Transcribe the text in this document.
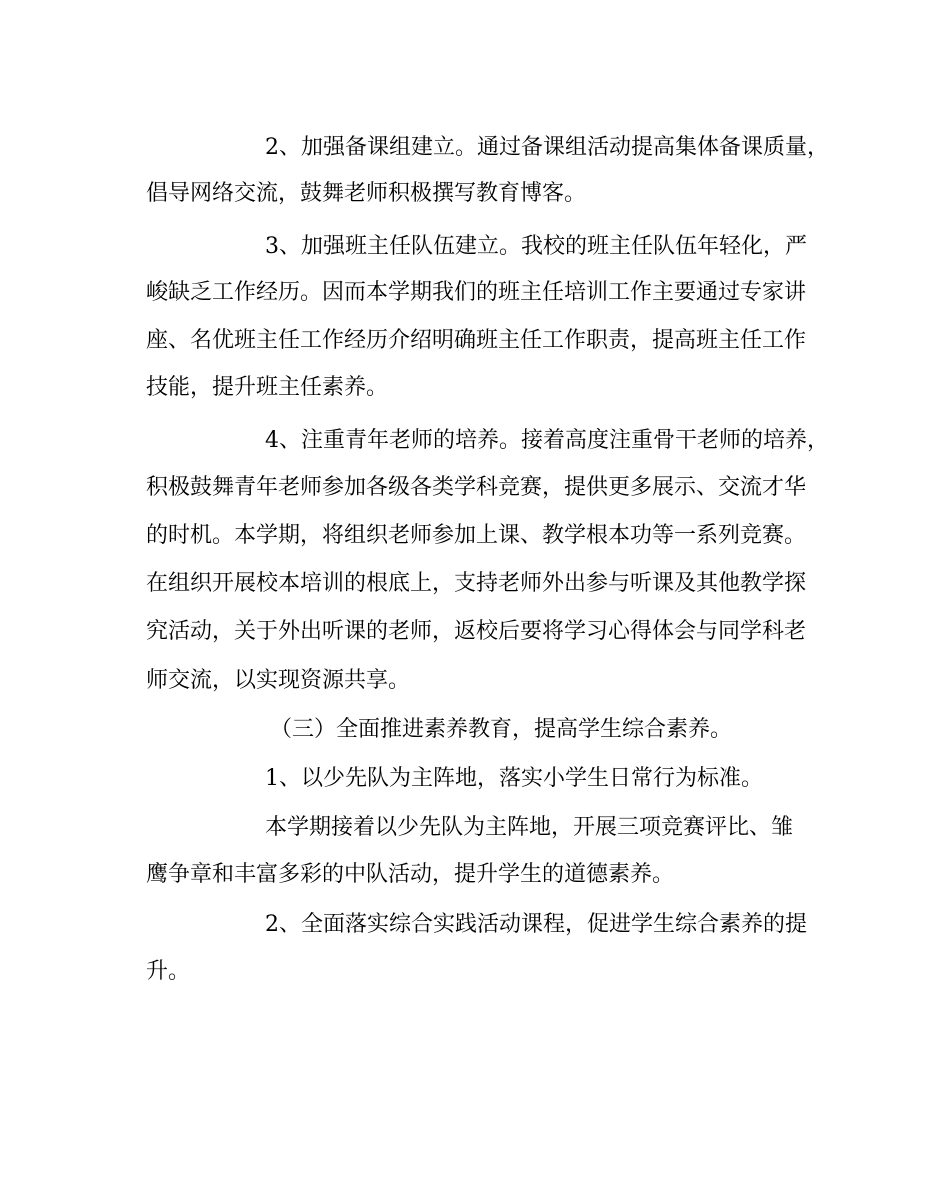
2、加强备课组建立。通过备课组活动提高集体备课质量，
倡导网络交流，鼓舞老师积极撰写教育博客。
3、加强班主任队伍建立。我校的班主任队伍年轻化，严
峻缺乏工作经历。因而本学期我们的班主任培训工作主要通过专家讲
座、名优班主任工作经历介绍明确班主任工作职责，提高班主任工作
技能，提升班主任素养。
4、注重青年老师的培养。接着高度注重骨干老师的培养，
积极鼓舞青年老师参加各级各类学科竞赛，提供更多展示、交流才华
的时机。本学期，将组织老师参加上课、教学根本功等一系列竞赛。
在组织开展校本培训的根底上，支持老师外出参与听课及其他教学探
究活动，关于外出听课的老师，返校后要将学习心得体会与同学科老
师交流，以实现资源共享。
（三）全面推进素养教育，提高学生综合素养。
1、以少先队为主阵地，落实小学生日常行为标准。
本学期接着以少先队为主阵地，开展三项竞赛评比、雏
鹰争章和丰富多彩的中队活动，提升学生的道德素养。
2、全面落实综合实践活动课程，促进学生综合素养的提
升。
